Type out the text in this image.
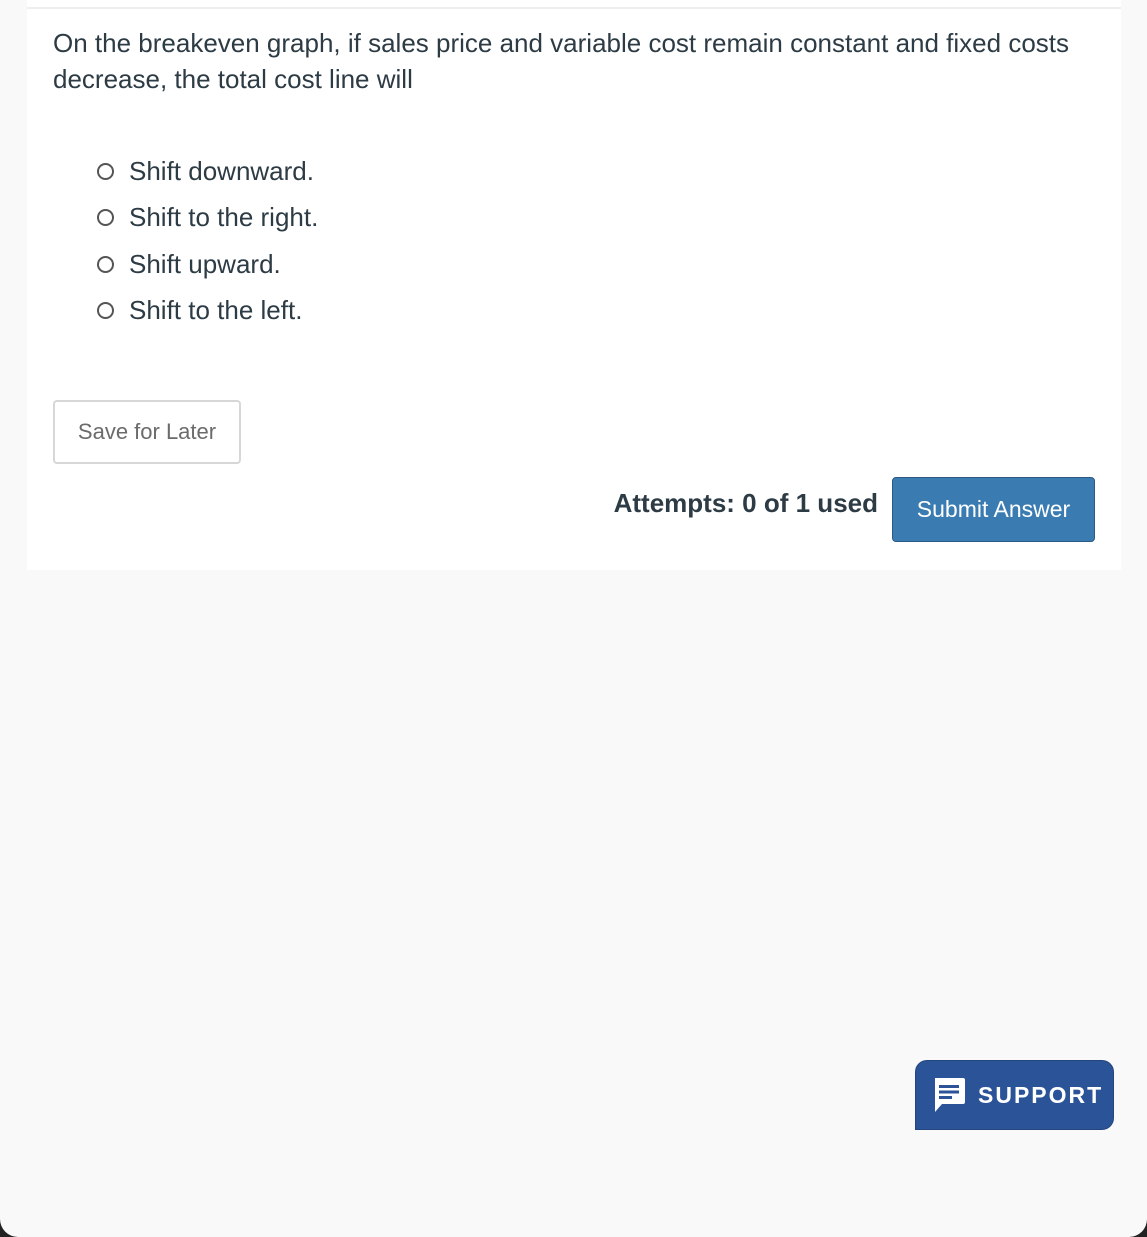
On the breakeven graph, if sales price and variable cost remain constant and fixed costs decrease, the total cost line will

Shift downward.
Shift to the right.
Shift upward.
Shift to the left.
Save for Later
Attempts: 0 of 1 used	Submit Answer
SUPPORT
